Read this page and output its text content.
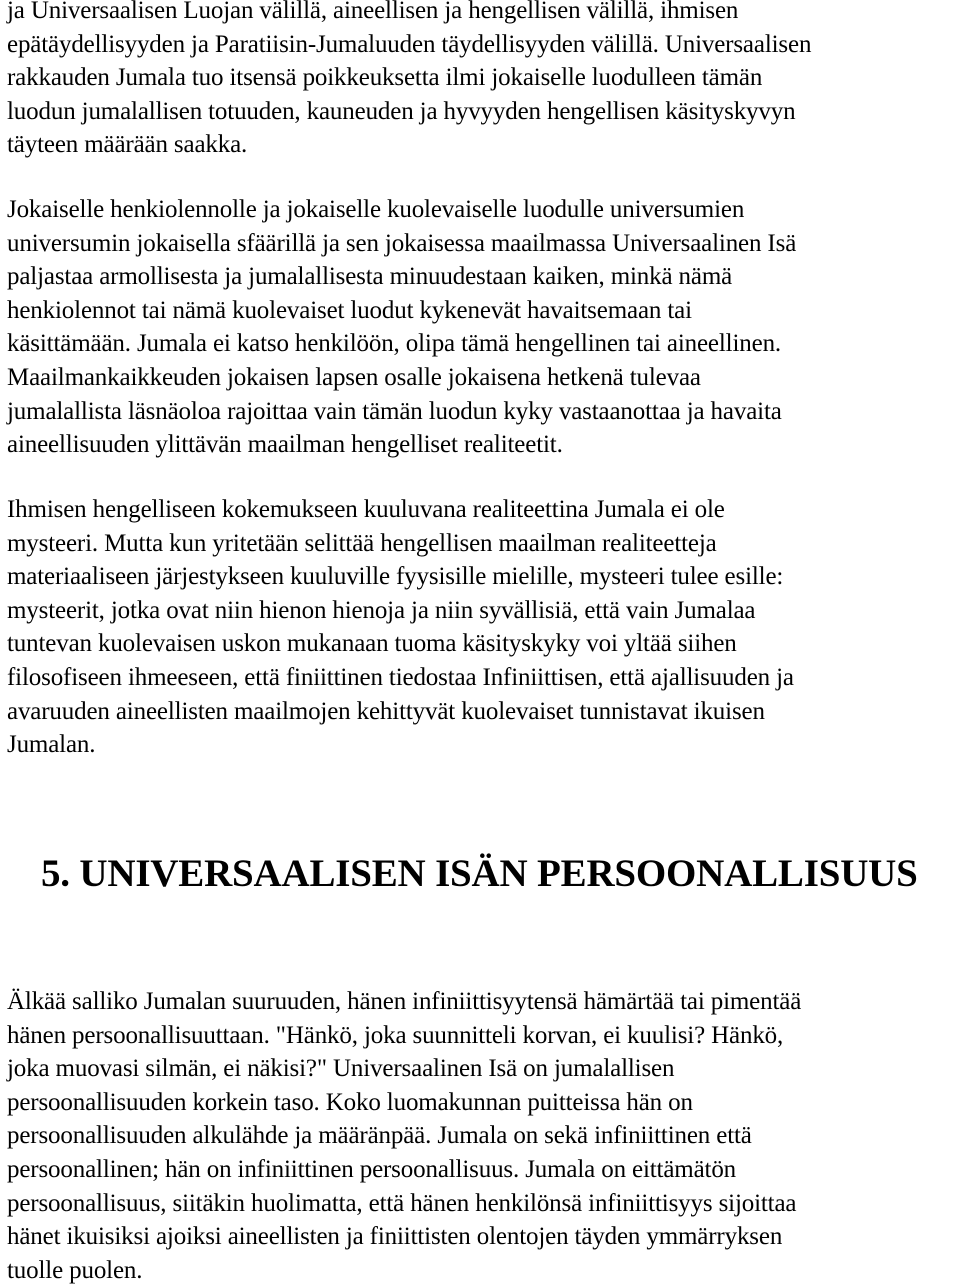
ja Universaalisen Luojan välillä, aineellisen ja hengellisen välillä, ihmisen
epätäydellisyyden ja Paratiisin-Jumaluuden täydellisyyden välillä. Universaalisen
rakkauden Jumala tuo itsensä poikkeuksetta ilmi jokaiselle luodulleen tämän
luodun jumalallisen totuuden, kauneuden ja hyvyyden hengellisen käsityskyvyn
täyteen määrään saakka.

Jokaiselle henkiolennolle ja jokaiselle kuolevaiselle luodulle universumien
universumin jokaisella sfäärillä ja sen jokaisessa maailmassa Universaalinen Isä
paljastaa armollisesta ja jumalallisesta minuudestaan kaiken, minkä nämä
henkiolennot tai nämä kuolevaiset luodut kykenevät havaitsemaan tai
käsittämään. Jumala ei katso henkilöön, olipa tämä hengellinen tai aineellinen.
Maailmankaikkeuden jokaisen lapsen osalle jokaisena hetkenä tulevaa
jumalallista läsnäoloa rajoittaa vain tämän luodun kyky vastaanottaa ja havaita
aineellisuuden ylittävän maailman hengelliset realiteetit.

Ihmisen hengelliseen kokemukseen kuuluvana realiteettina Jumala ei ole
mysteeri. Mutta kun yritetään selittää hengellisen maailman realiteetteja
materiaaliseen järjestykseen kuuluville fyysisille mielille, mysteeri tulee esille:
mysteerit, jotka ovat niin hienon hienoja ja niin syvällisiä, että vain Jumalaa
tuntevan kuolevaisen uskon mukanaan tuoma käsityskyky voi yltää siihen
filosofiseen ihmeeseen, että finiittinen tiedostaa Infiniittisen, että ajallisuuden ja
avaruuden aineellisten maailmojen kehittyvät kuolevaiset tunnistavat ikuisen
Jumalan.

5. UNIVERSAALISEN ISÄN PERSOONALLISUUS

Älkää salliko Jumalan suuruuden, hänen infiniittisyytensä hämärtää tai pimentää
hänen persoonallisuuttaan. "Hänkö, joka suunnitteli korvan, ei kuulisi? Hänkö,
joka muovasi silmän, ei näkisi?" Universaalinen Isä on jumalallisen
persoonallisuuden korkein taso. Koko luomakunnan puitteissa hän on
persoonallisuuden alkulähde ja määränpää. Jumala on sekä infiniittinen että
persoonallinen; hän on infiniittinen persoonallisuus. Jumala on eittämätön
persoonallisuus, siitäkin huolimatta, että hänen henkilönsä infiniittisyys sijoittaa
hänet ikuisiksi ajoiksi aineellisten ja finiittisten olentojen täyden ymmärryksen
tuolle puolen.
